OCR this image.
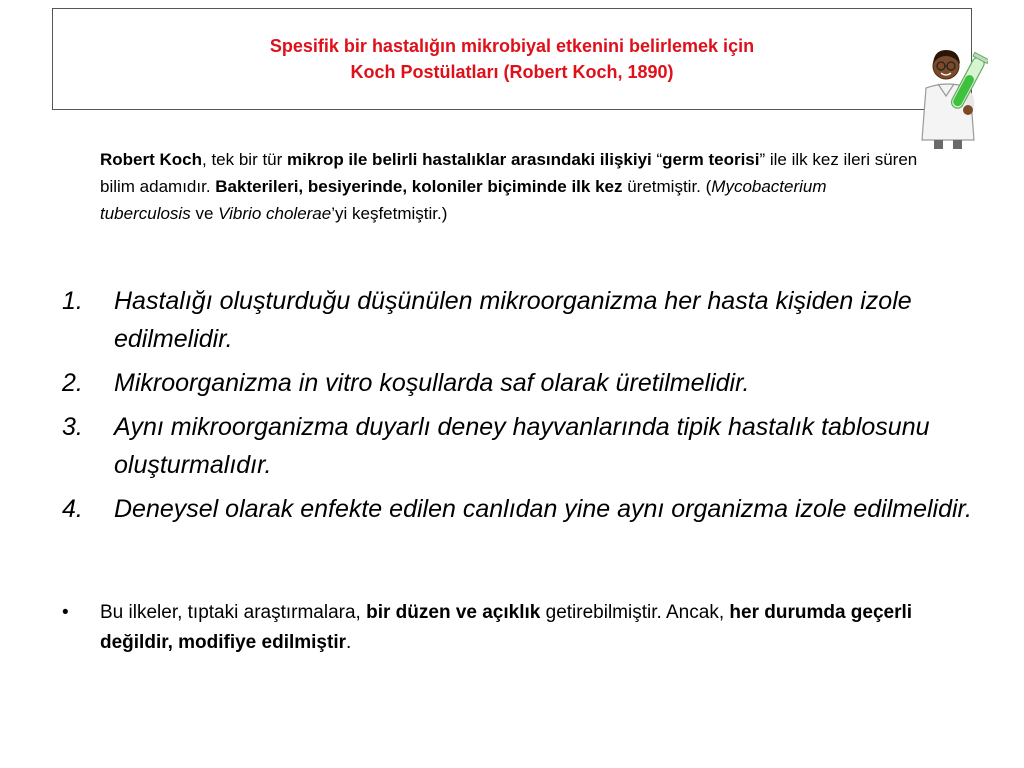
Spesifik bir hastalığın mikrobiyal etkenini belirlemek için
Koch Postülatları (Robert Koch, 1890)

Robert Koch, tek bir tür mikrop ile belirli hastalıklar arasındaki ilişkiyi “germ teorisi” ile ilk kez ileri süren bilim adamıdır. Bakterileri, besiyerinde, koloniler biçiminde ilk kez üretmiştir. (Mycobacterium tuberculosis ve Vibrio cholerae’yi keşfetmiştir.)

1.	Hastalığı oluşturduğu düşünülen mikroorganizma her hasta kişiden izole edilmelidir.
2.	Mikroorganizma in vitro koşullarda saf olarak üretilmelidir.
3.	Aynı mikroorganizma duyarlı deney hayvanlarında tipik hastalık tablosunu oluşturmalıdır.
4.	Deneysel olarak enfekte edilen canlıdan yine aynı organizma izole edilmelidir.
•	Bu ilkeler, tıptaki araştırmalara, bir düzen ve açıklık getirebilmiştir. Ancak, her durumda geçerli değildir, modifiye edilmiştir.
